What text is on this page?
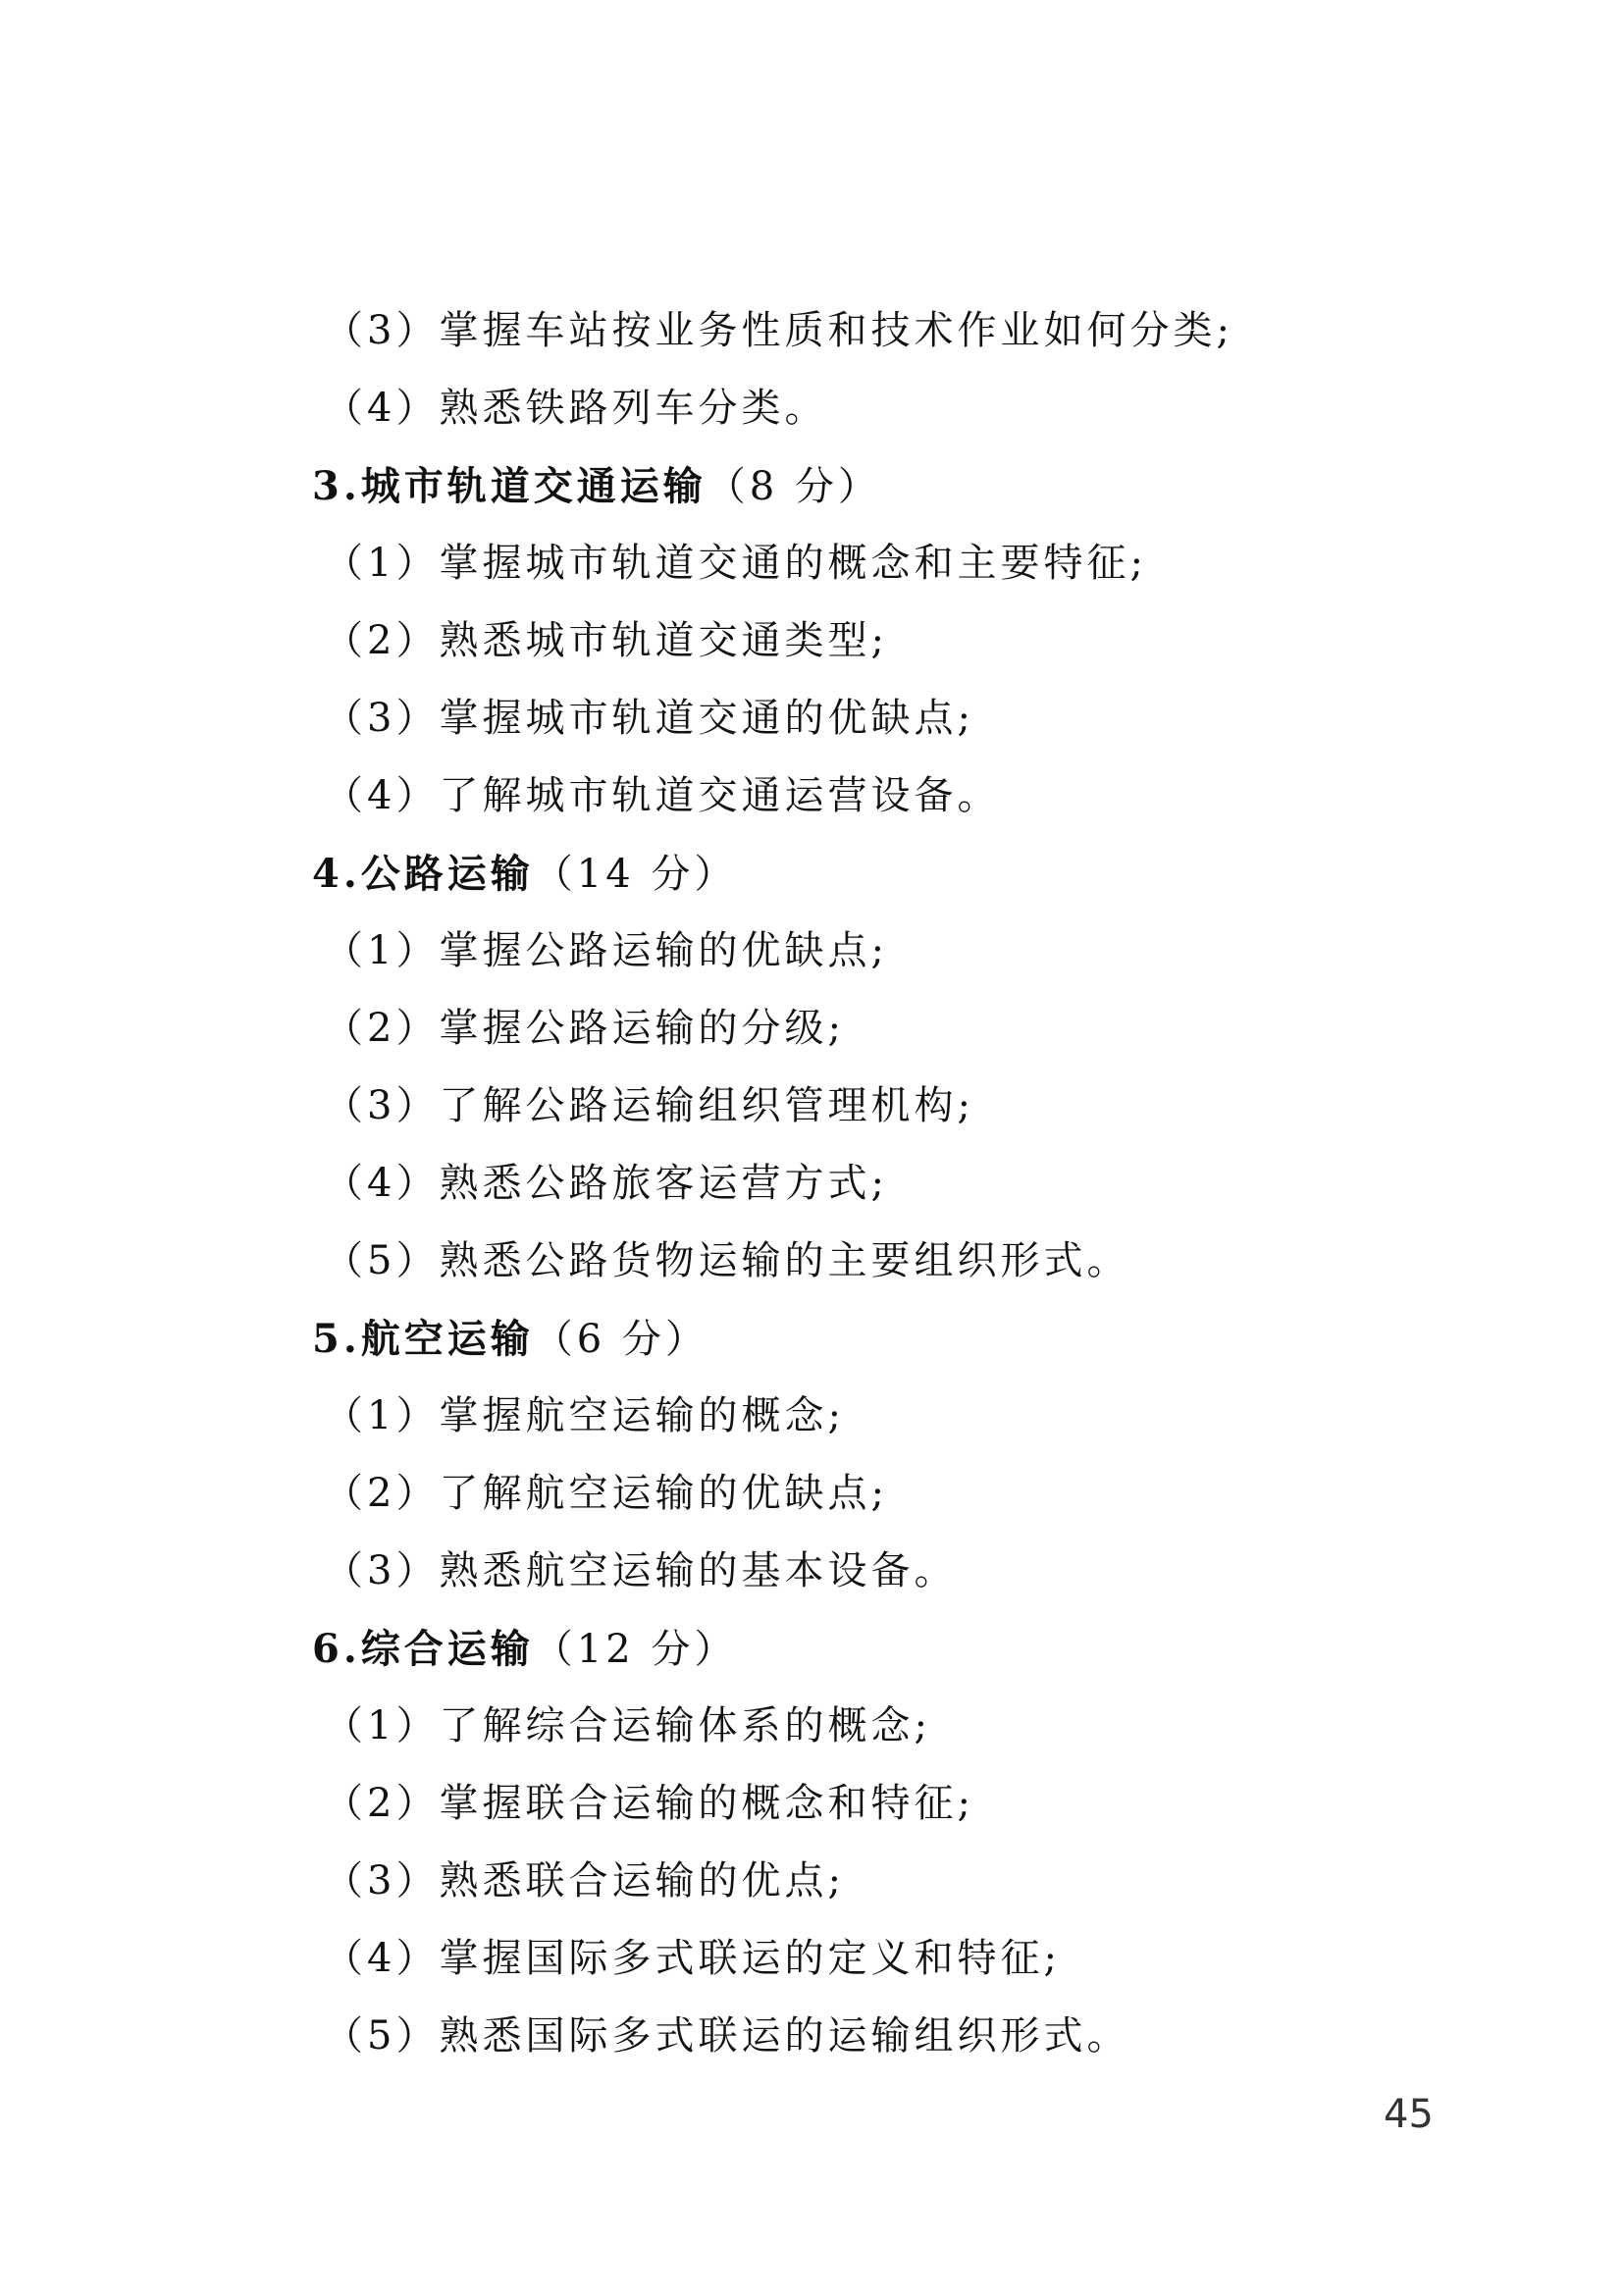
（3）掌握车站按业务性质和技术作业如何分类;
（4）熟悉铁路列车分类。
3.城市轨道交通运输（8 分）
（1）掌握城市轨道交通的概念和主要特征;
（2）熟悉城市轨道交通类型;
（3）掌握城市轨道交通的优缺点;
（4）了解城市轨道交通运营设备。
4.公路运输（14 分）
（1）掌握公路运输的优缺点;
（2）掌握公路运输的分级;
（3）了解公路运输组织管理机构;
（4）熟悉公路旅客运营方式;
（5）熟悉公路货物运输的主要组织形式。
5.航空运输（6 分）
（1）掌握航空运输的概念;
（2）了解航空运输的优缺点;
（3）熟悉航空运输的基本设备。
6.综合运输（12 分）
（1）了解综合运输体系的概念;
（2）掌握联合运输的概念和特征;
（3）熟悉联合运输的优点;
（4）掌握国际多式联运的定义和特征;
（5）熟悉国际多式联运的运输组织形式。
45
